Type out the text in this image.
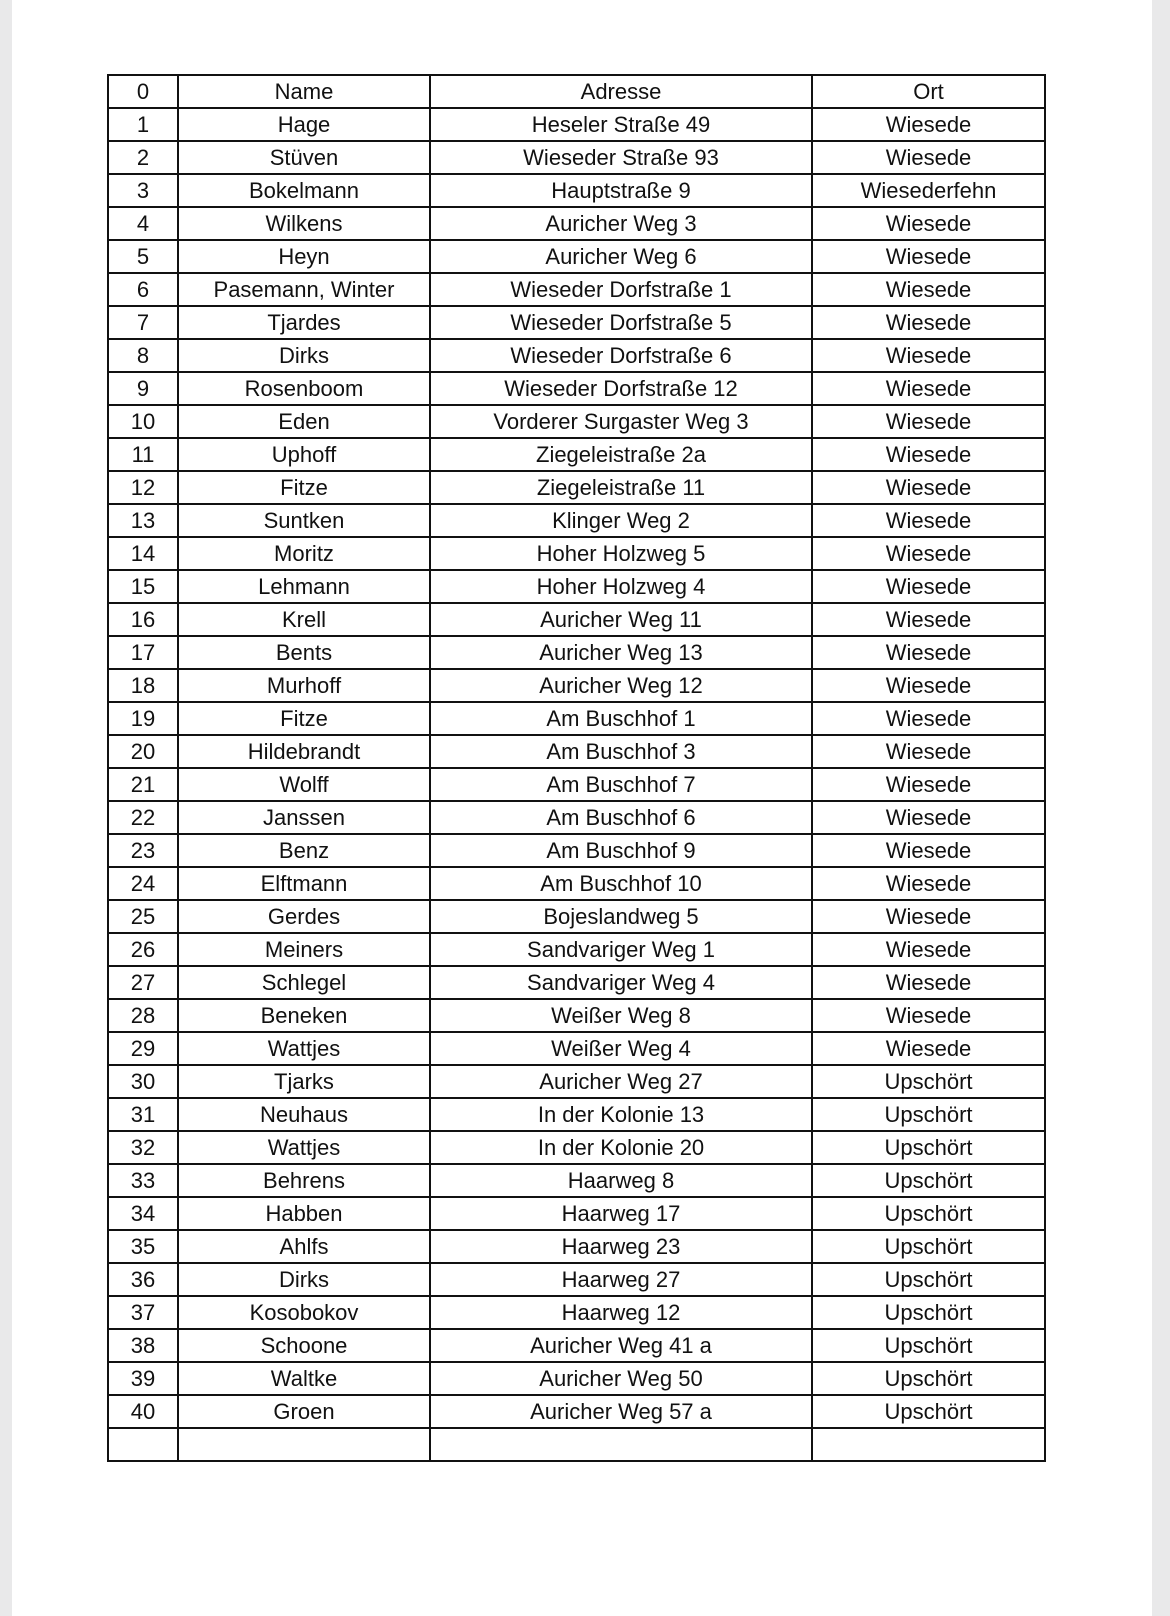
0	Name	Adresse	Ort
1	Hage	Heseler Straße 49	Wiesede
2	Stüven	Wieseder Straße 93	Wiesede
3	Bokelmann	Hauptstraße 9	Wiesederfehn
4	Wilkens	Auricher Weg 3	Wiesede
5	Heyn	Auricher Weg 6	Wiesede
6	Pasemann, Winter	Wieseder Dorfstraße 1	Wiesede
7	Tjardes	Wieseder Dorfstraße 5	Wiesede
8	Dirks	Wieseder Dorfstraße 6	Wiesede
9	Rosenboom	Wieseder Dorfstraße 12	Wiesede
10	Eden	Vorderer Surgaster Weg 3	Wiesede
11	Uphoff	Ziegeleistraße 2a	Wiesede
12	Fitze	Ziegeleistraße 11	Wiesede
13	Suntken	Klinger Weg 2	Wiesede
14	Moritz	Hoher Holzweg 5	Wiesede
15	Lehmann	Hoher Holzweg 4	Wiesede
16	Krell	Auricher Weg 11	Wiesede
17	Bents	Auricher Weg 13	Wiesede
18	Murhoff	Auricher Weg 12	Wiesede
19	Fitze	Am Buschhof 1	Wiesede
20	Hildebrandt	Am Buschhof 3	Wiesede
21	Wolff	Am Buschhof 7	Wiesede
22	Janssen	Am Buschhof 6	Wiesede
23	Benz	Am Buschhof 9	Wiesede
24	Elftmann	Am Buschhof 10	Wiesede
25	Gerdes	Bojeslandweg 5	Wiesede
26	Meiners	Sandvariger Weg 1	Wiesede
27	Schlegel	Sandvariger Weg 4	Wiesede
28	Beneken	Weißer Weg 8	Wiesede
29	Wattjes	Weißer Weg 4	Wiesede
30	Tjarks	Auricher Weg 27	Upschört
31	Neuhaus	In der Kolonie 13	Upschört
32	Wattjes	In der Kolonie 20	Upschört
33	Behrens	Haarweg 8	Upschört
34	Habben	Haarweg 17	Upschört
35	Ahlfs	Haarweg 23	Upschört
36	Dirks	Haarweg 27	Upschört
37	Kosobokov	Haarweg 12	Upschört
38	Schoone	Auricher Weg 41 a	Upschört
39	Waltke	Auricher Weg 50	Upschört
40	Groen	Auricher Weg 57 a	Upschört
